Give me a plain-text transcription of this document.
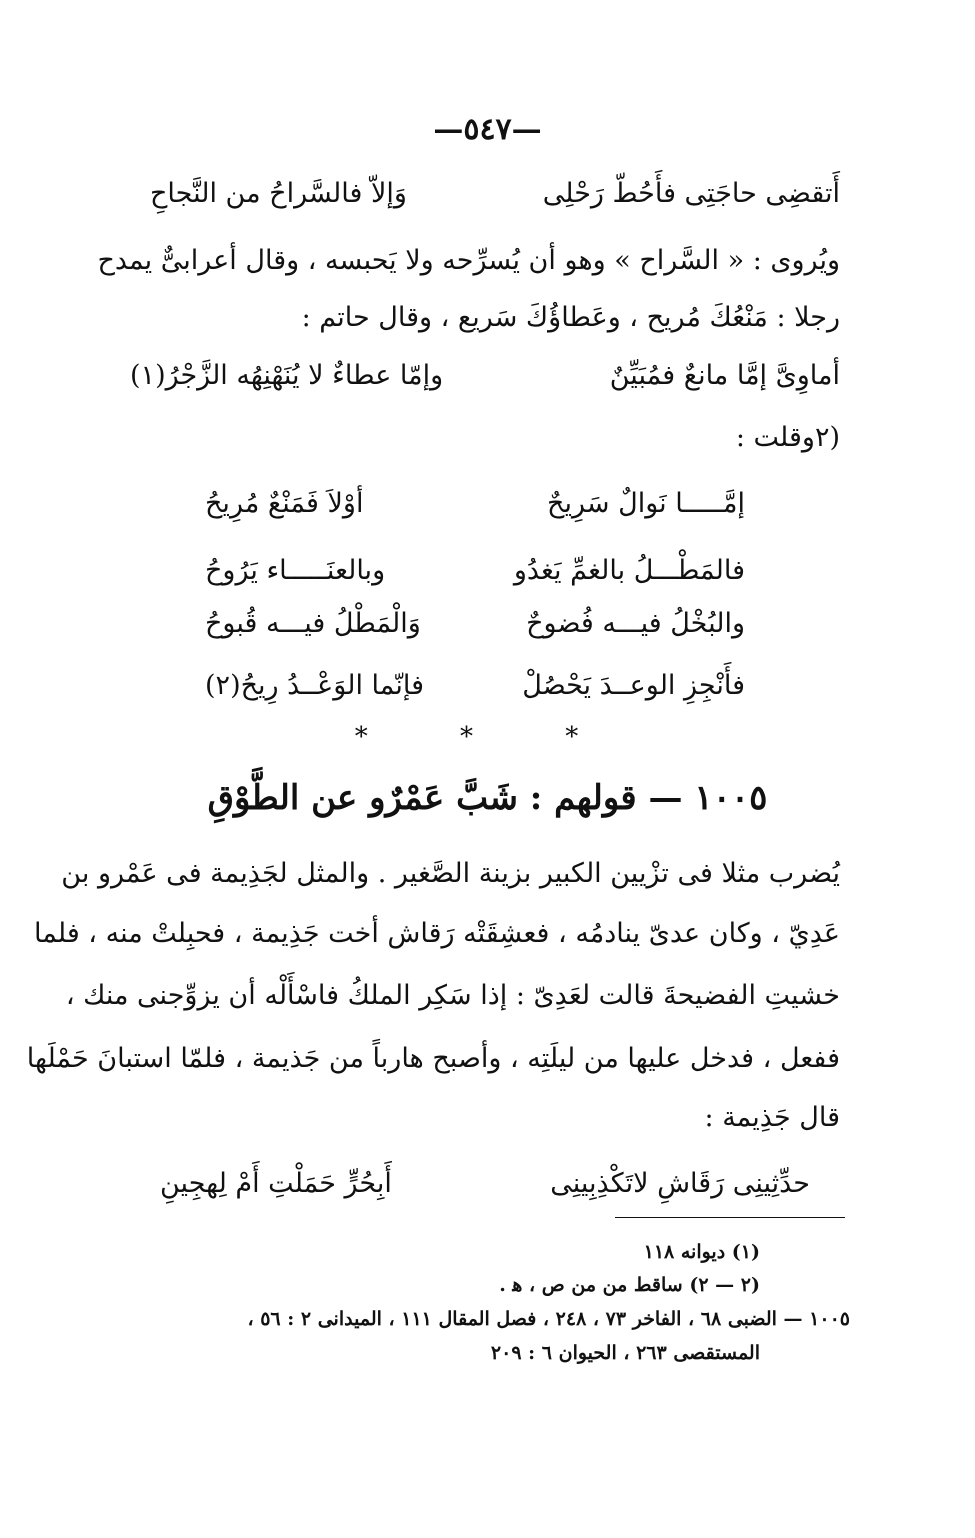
—٥٤٧—
أَتقضِى حاجَتِى فأَحُطّ رَحْلِى
وَإلاّ فالسَّراحُ من النَّجاحِ
ويُروى : « السَّراح » وهو أن يُسرِّحه ولا يَحبسه ، وقال أعرابىٌّ يمدح
رجلا : مَنْعُكَ مُريح ، وعَطاؤُكَ سَريع ، وقال حاتم :
أماوِىَّ إمَّا مانعٌ فمُبَيِّنٌ
وإمّا عطاءٌ لا يُنَهْنِهُه الزَّجْرُ(١)
(٢وقلت :
إمَّـــــا نَوالٌ سَرِيحٌ
أوْلاَ فَمَنْعٌ مُرِيحُ
فالمَطْـــلُ بالغمِّ يَغدُو
وبالعنَـــــاء يَرُوحُ
والبُخْلُ فيـــه فُضوحٌ
وَالْمَطْلُ فيـــه قُبوحُ
فأَنْجِزِ الوعــدَ يَحْصُلْ
فإنّما الوَعْــدُ رِيحُ(٢)
* * *
١٠٠٥ — قولهم : شَبَّ عَمْرٌو عن الطَّوْقِ
يُضرب مثلا فى تزْيين الكبير بزينة الصَّغير . والمثل لجَذِيمة فى عَمْرو بن
عَدِيّ ، وكان عدىّ ينادمُه ، فعشِقَتْه رَقاش أخت جَذِيمة ، فحبِلتْ منه ، فلما
خشيتِ الفضيحةَ قالت لعَدِىّ : إذا سَكِر الملكُ فاسْأَلْه أن يزوِّجنى منك ،
ففعل ، فدخل عليها من ليلَتِه ، وأصبح هارباً من جَذيمة ، فلمّا استبانَ حَمْلَها
قال جَذِيمة :
حدِّثِينِى رَقَاشِ لاتَكْذِبِينِى
أَبِحُرٍّ حَمَلْتِ أَمْ لِهجِينِ
(١) ديوانه ١١٨
(٢ — ٢) ساقط من من ص ، ﻫ .
١٠٠٥ — الضبى ٦٨ ، الفاخر ٧٣ ، ٢٤٨ ، فصل المقال ١١١ ، الميدانى ٢ : ٥٦ ،
المستقصى ٢٦٣ ، الحيوان ٦ : ٢٠٩
